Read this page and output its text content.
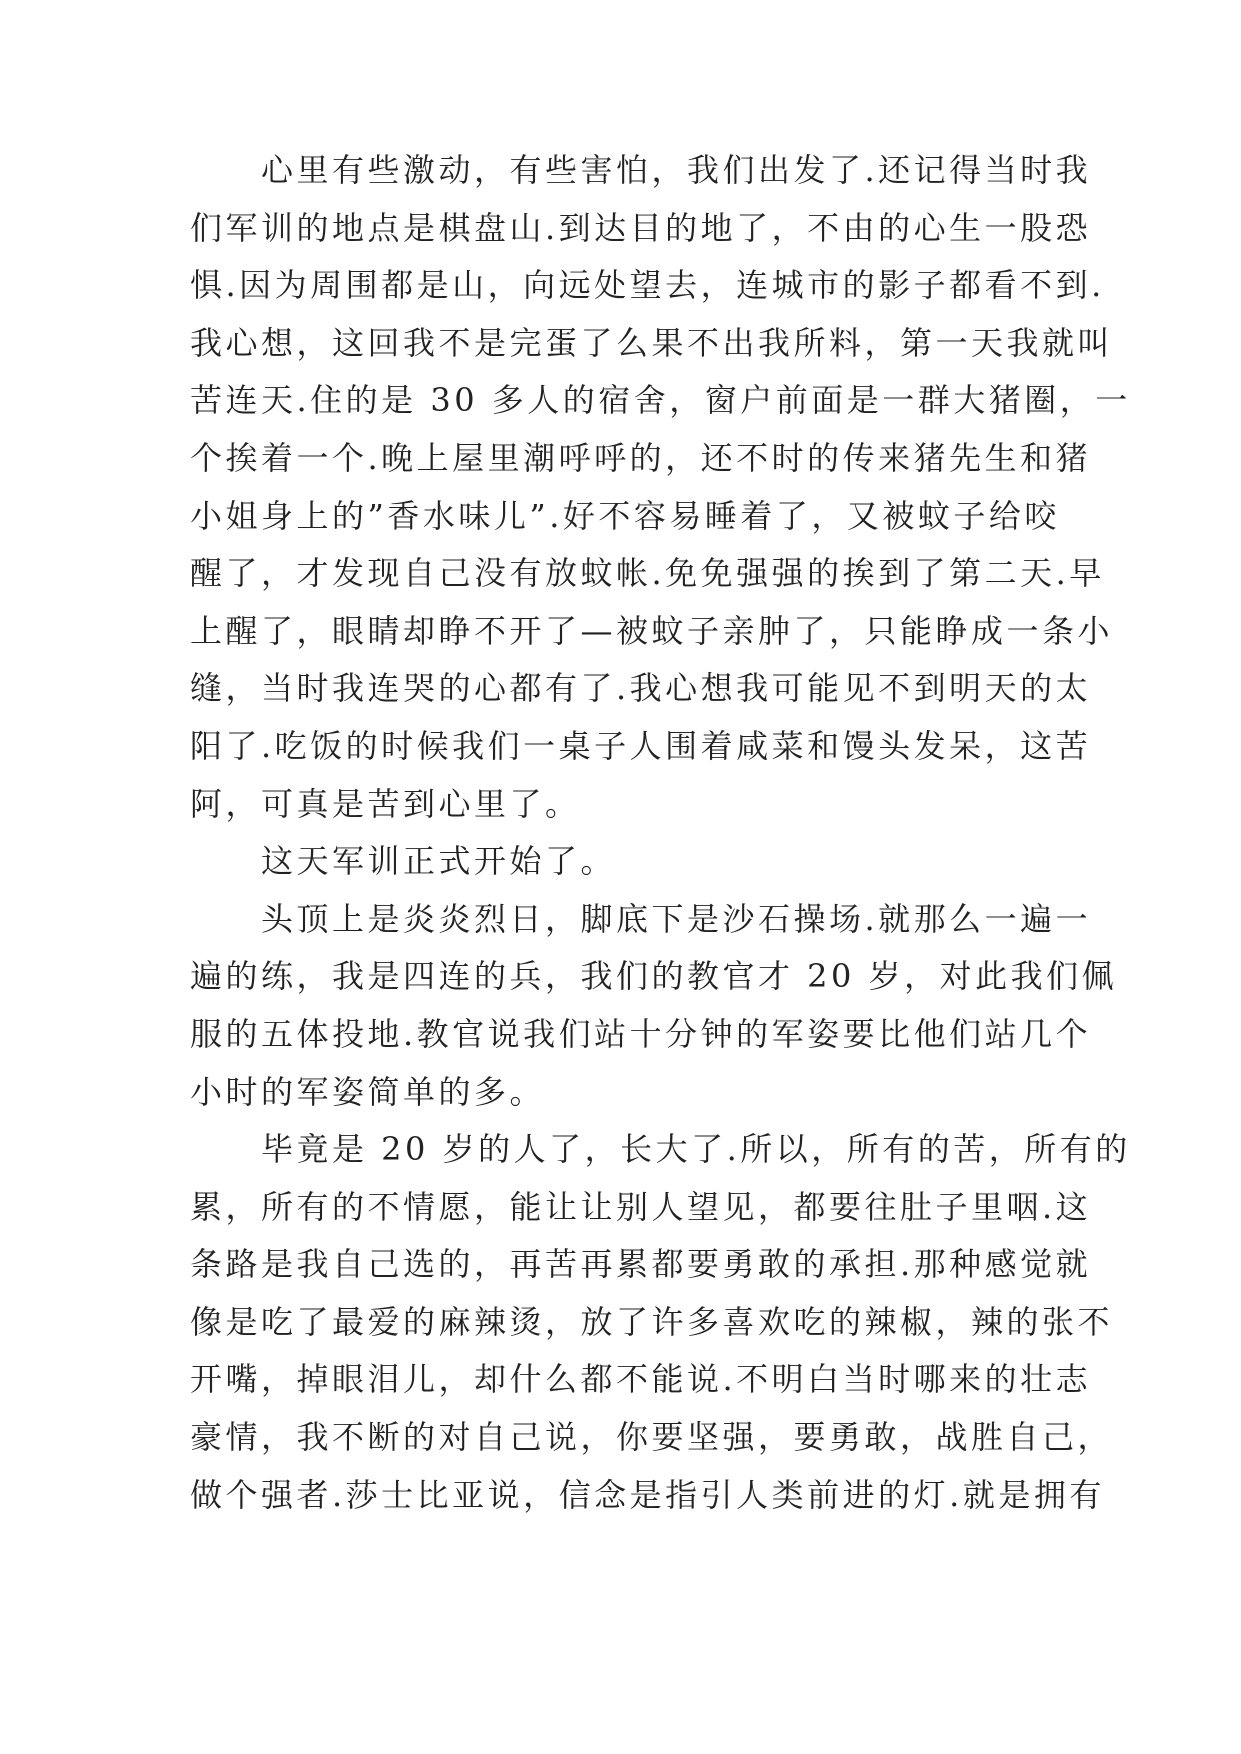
　　心里有些激动，有些害怕，我们出发了.还记得当时我
们军训的地点是棋盘山.到达目的地了，不由的心生一股恐
惧.因为周围都是山，向远处望去，连城市的影子都看不到.
我心想，这回我不是完蛋了么果不出我所料，第一天我就叫
苦连天.住的是 30 多人的宿舍，窗户前面是一群大猪圈，一
个挨着一个.晚上屋里潮呼呼的，还不时的传来猪先生和猪
小姐身上的”香水味儿”.好不容易睡着了，又被蚊子给咬
醒了，才发现自己没有放蚊帐.免免强强的挨到了第二天.早
上醒了，眼睛却睁不开了—被蚊子亲肿了，只能睁成一条小
缝，当时我连哭的心都有了.我心想我可能见不到明天的太
阳了.吃饭的时候我们一桌子人围着咸菜和馒头发呆，这苦
阿，可真是苦到心里了。
　　这天军训正式开始了。
　　头顶上是炎炎烈日，脚底下是沙石操场.就那么一遍一
遍的练，我是四连的兵，我们的教官才 20 岁，对此我们佩
服的五体投地.教官说我们站十分钟的军姿要比他们站几个
小时的军姿简单的多。
　　毕竟是 20 岁的人了，长大了.所以，所有的苦，所有的
累，所有的不情愿，能让让别人望见，都要往肚子里咽.这
条路是我自己选的，再苦再累都要勇敢的承担.那种感觉就
像是吃了最爱的麻辣烫，放了许多喜欢吃的辣椒，辣的张不
开嘴，掉眼泪儿，却什么都不能说.不明白当时哪来的壮志
豪情，我不断的对自己说，你要坚强，要勇敢，战胜自己，
做个强者.莎士比亚说，信念是指引人类前进的灯.就是拥有
